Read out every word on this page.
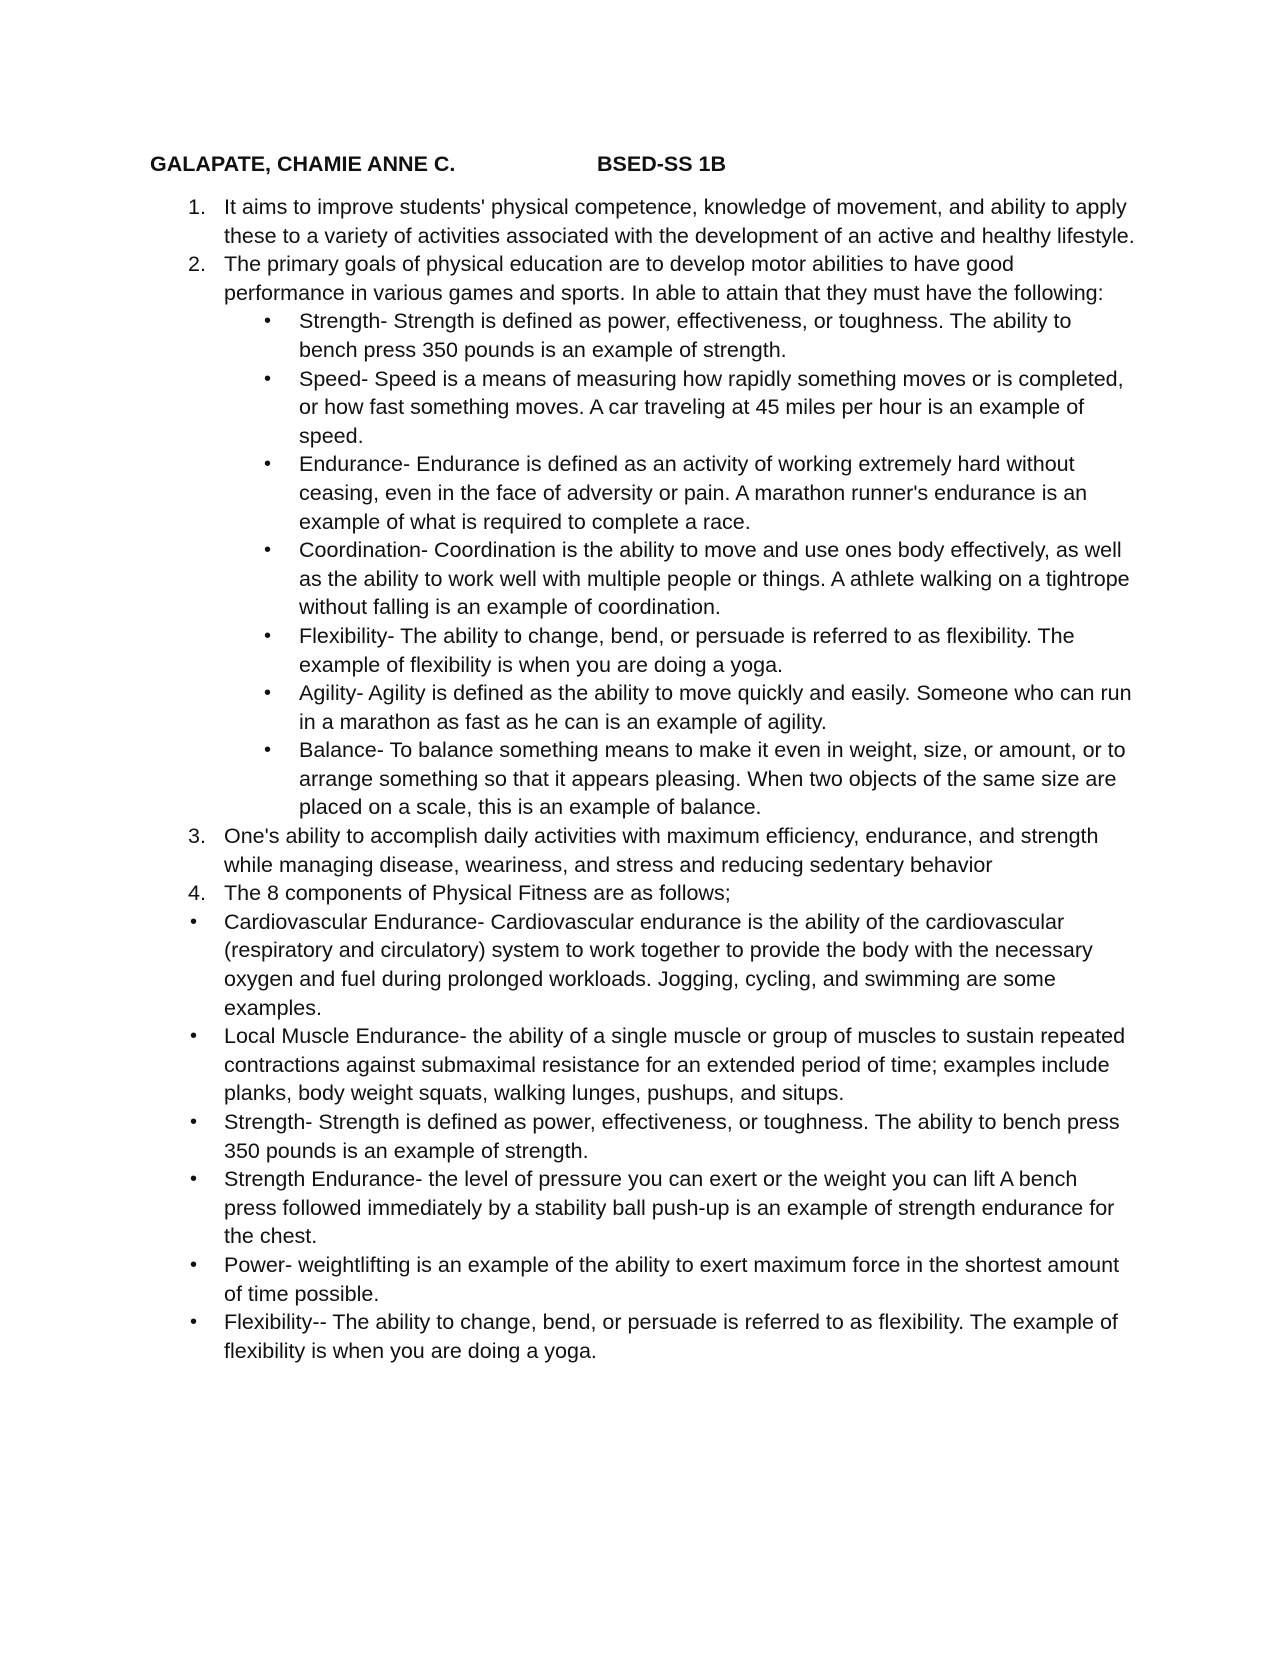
GALAPATE, CHAMIE ANNE C.	BSED-SS 1B
1. It aims to improve students' physical competence, knowledge of movement, and ability to apply these to a variety of activities associated with the development of an active and healthy lifestyle.
2. The primary goals of physical education are to develop motor abilities to have good performance in various games and sports. In able to attain that they must have the following:
• Strength- Strength is defined as power, effectiveness, or toughness. The ability to bench press 350 pounds is an example of strength.
• Speed- Speed is a means of measuring how rapidly something moves or is completed, or how fast something moves. A car traveling at 45 miles per hour is an example of speed.
• Endurance- Endurance is defined as an activity of working extremely hard without ceasing, even in the face of adversity or pain. A marathon runner's endurance is an example of what is required to complete a race.
• Coordination- Coordination is the ability to move and use ones body effectively, as well as the ability to work well with multiple people or things. A athlete walking on a tightrope without falling is an example of coordination.
• Flexibility- The ability to change, bend, or persuade is referred to as flexibility. The example of flexibility is when you are doing a yoga.
• Agility- Agility is defined as the ability to move quickly and easily. Someone who can run in a marathon as fast as he can is an example of agility.
• Balance- To balance something means to make it even in weight, size, or amount, or to arrange something so that it appears pleasing. When two objects of the same size are placed on a scale, this is an example of balance.
3. One's ability to accomplish daily activities with maximum efficiency, endurance, and strength while managing disease, weariness, and stress and reducing sedentary behavior
4. The 8 components of Physical Fitness are as follows;
• Cardiovascular Endurance- Cardiovascular endurance is the ability of the cardiovascular (respiratory and circulatory) system to work together to provide the body with the necessary oxygen and fuel during prolonged workloads. Jogging, cycling, and swimming are some examples.
• Local Muscle Endurance- the ability of a single muscle or group of muscles to sustain repeated contractions against submaximal resistance for an extended period of time; examples include planks, body weight squats, walking lunges, pushups, and situps.
• Strength- Strength is defined as power, effectiveness, or toughness. The ability to bench press 350 pounds is an example of strength.
• Strength Endurance- the level of pressure you can exert or the weight you can lift A bench press followed immediately by a stability ball push-up is an example of strength endurance for the chest.
• Power- weightlifting is an example of the ability to exert maximum force in the shortest amount of time possible.
• Flexibility-- The ability to change, bend, or persuade is referred to as flexibility. The example of flexibility is when you are doing a yoga.
